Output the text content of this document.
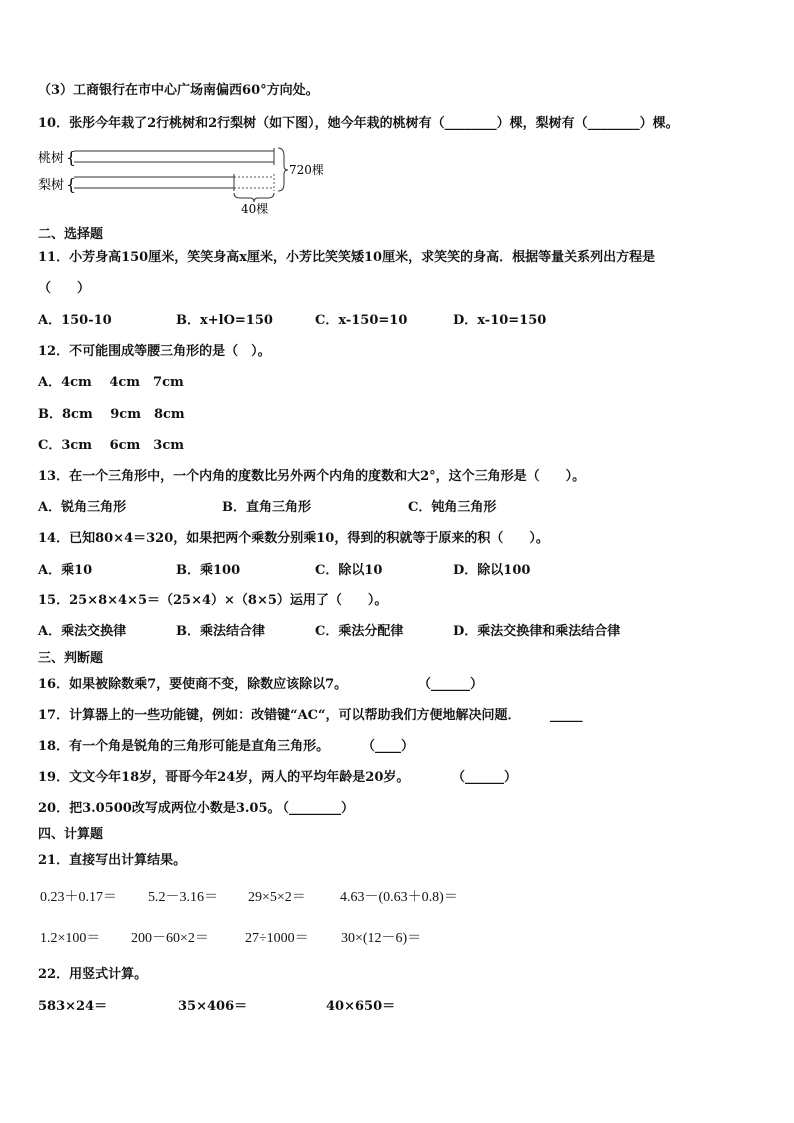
（3）工商银行在市中心广场南偏西60°方向处。
10．张彤今年栽了2行桃树和2行梨树（如下图），她今年栽的桃树有（________）棵，梨树有（________）棵。
桃树
梨树
{
{
720棵
40棵
二、选择题
11．小芳身高150厘米，笑笑身高x厘米，小芳比笑笑矮10厘米，求笑笑的身高．根据等量关系列出方程是
（　　）
A．150-10	B．x+lO=150	C．x-150=10	D．x-10=150
12．不可能围成等腰三角形的是（　）。
A．4cm　 4cm　7cm
B．8cm　 9cm　8cm
C．3cm　 6cm　3cm
13．在一个三角形中，一个内角的度数比另外两个内角的度数和大2°，这个三角形是（　　）。
A．锐角三角形	B．直角三角形	C．钝角三角形
14．已知80×4＝320，如果把两个乘数分别乘10，得到的积就等于原来的积（　　）。
A．乘10	B．乘100	C．除以10	D．除以100
15．25×8×4×5＝（25×4）×（8×5）运用了（　　）。
A．乘法交换律	B．乘法结合律	C．乘法分配律	D．乘法交换律和乘法结合律
三、判断题
16．如果被除数乘7，要使商不变，除数应该除以7。	（______）
17．计算器上的一些功能键，例如：改错键“AC“，可以帮助我们方便地解决问题． _____
18．有一个角是锐角的三角形可能是直角三角形。	（____）
19．文文今年18岁，哥哥今年24岁，两人的平均年龄是20岁。	（______）
20．把3.0500改写成两位小数是3.05。
（________）
四、计算题
21．直接写出计算结果。
0.23＋0.17＝ 5.2－3.16＝ 29×5×2＝ 4.63－(0.63＋0.8)＝
1.2×100＝ 200－60×2＝	27÷1000＝ 30×(12－6)＝
22．用竖式计算。
583×24＝	35×406＝	40×650＝
